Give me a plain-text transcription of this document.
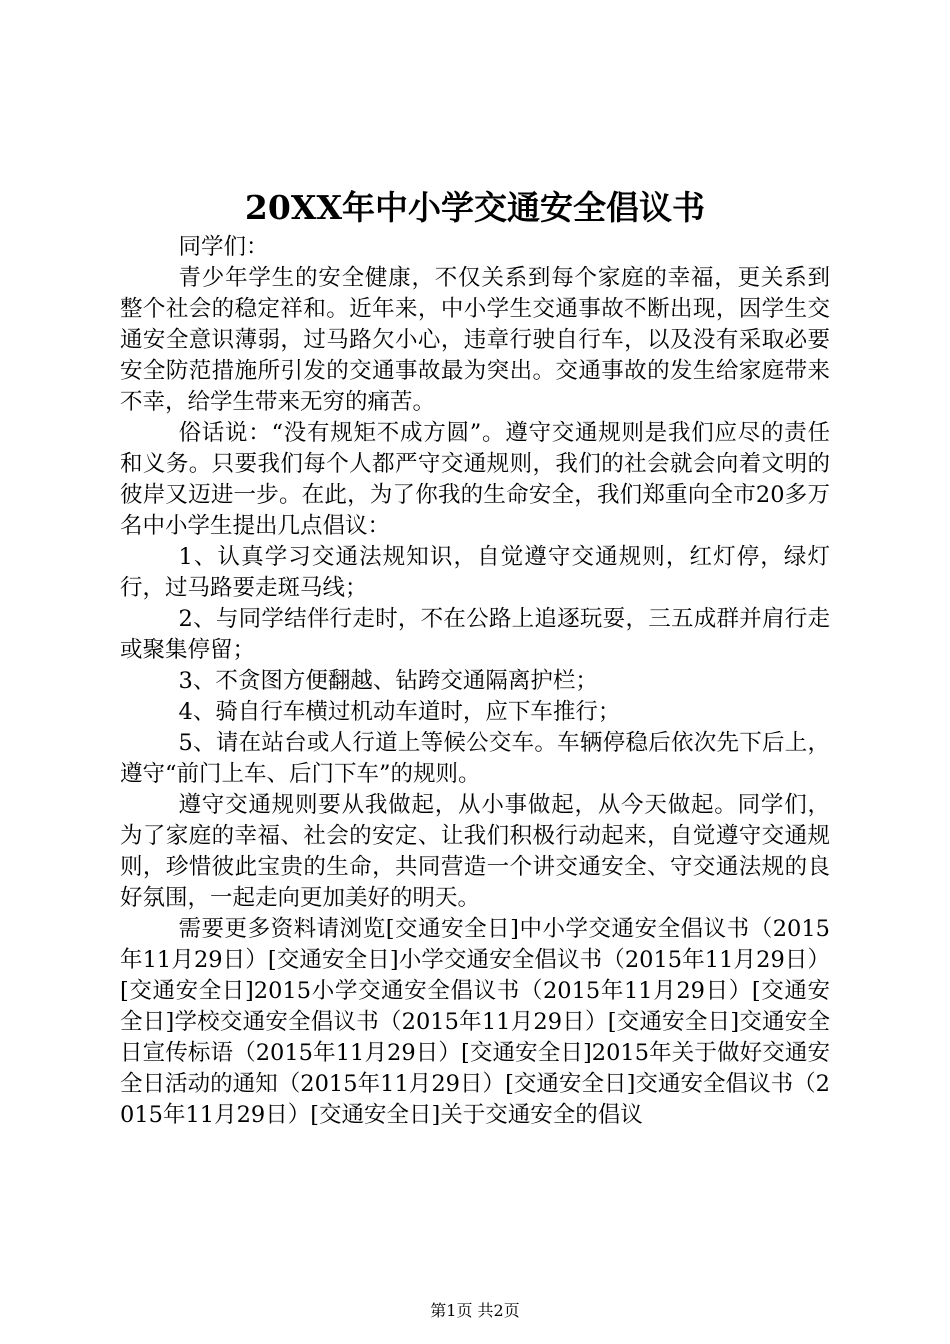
20XX年中小学交通安全倡议书

同学们：

青少年学生的安全健康，不仅关系到每个家庭的幸福，更关系到整个社会的稳定祥和。近年来，中小学生交通事故不断出现，因学生交通安全意识薄弱，过马路欠小心，违章行驶自行车，以及没有采取必要安全防范措施所引发的交通事故最为突出。交通事故的发生给家庭带来不幸，给学生带来无穷的痛苦。

俗话说：“没有规矩不成方圆”。遵守交通规则是我们应尽的责任和义务。只要我们每个人都严守交通规则，我们的社会就会向着文明的彼岸又迈进一步。在此，为了你我的生命安全，我们郑重向全市20多万名中小学生提出几点倡议：

1、认真学习交通法规知识，自觉遵守交通规则，红灯停，绿灯行，过马路要走斑马线；

2、与同学结伴行走时，不在公路上追逐玩耍，三五成群并肩行走或聚集停留；

3、不贪图方便翻越、钻跨交通隔离护栏；

4、骑自行车横过机动车道时，应下车推行；

5、请在站台或人行道上等候公交车。车辆停稳后依次先下后上，遵守“前门上车、后门下车”的规则。

遵守交通规则要从我做起，从小事做起，从今天做起。同学们，为了家庭的幸福、社会的安定、让我们积极行动起来，自觉遵守交通规则，珍惜彼此宝贵的生命，共同营造一个讲交通安全、守交通法规的良好氛围，一起走向更加美好的明天。

需要更多资料请浏览[交通安全日]中小学交通安全倡议书（2015年11月29日）[交通安全日]小学交通安全倡议书（2015年11月29日）[交通安全日]2015小学交通安全倡议书（2015年11月29日）[交通安全日]学校交通安全倡议书（2015年11月29日）[交通安全日]交通安全日宣传标语（2015年11月29日）[交通安全日]2015年关于做好交通安全日活动的通知（2015年11月29日）[交通安全日]交通安全倡议书（2015年11月29日）[交通安全日]关于交通安全的倡议

第1页 共2页
